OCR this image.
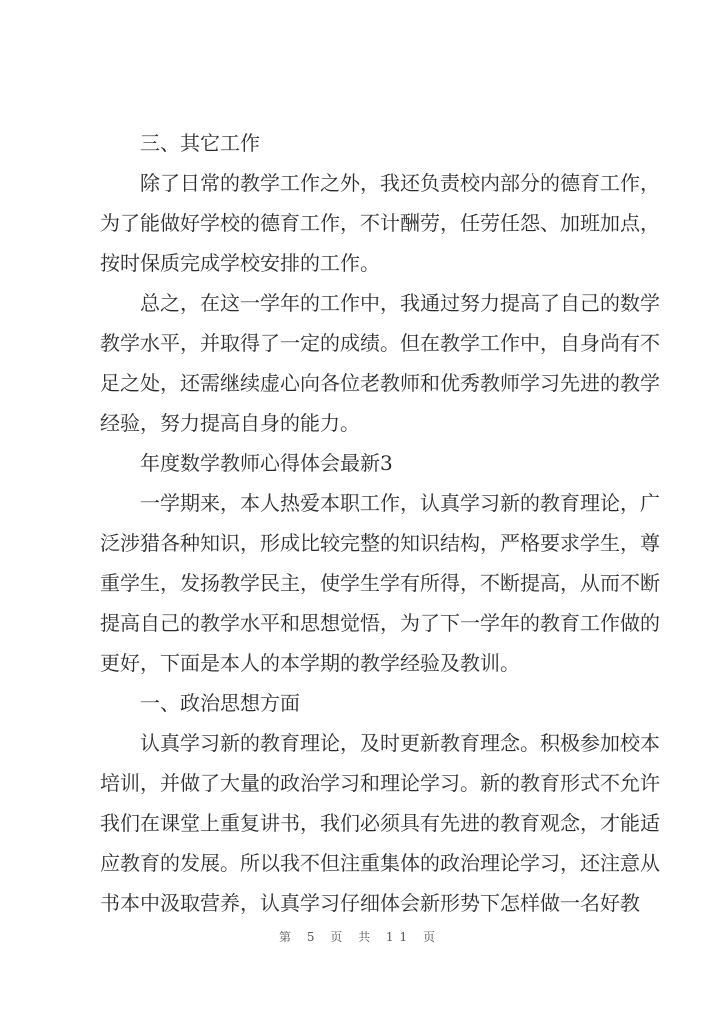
三、其它工作
除了日常的教学工作之外，我还负责校内部分的德育工作，
为了能做好学校的德育工作，不计酬劳，任劳任怨、加班加点，
按时保质完成学校安排的工作。
总之，在这一学年的工作中，我通过努力提高了自己的数学
教学水平，并取得了一定的成绩。但在教学工作中，自身尚有不
足之处，还需继续虚心向各位老教师和优秀教师学习先进的教学
经验，努力提高自身的能力。
年度数学教师心得体会最新3
一学期来，本人热爱本职工作，认真学习新的教育理论，广
泛涉猎各种知识，形成比较完整的知识结构，严格要求学生，尊
重学生，发扬教学民主，使学生学有所得，不断提高，从而不断
提高自己的教学水平和思想觉悟，为了下一学年的教育工作做的
更好，下面是本人的本学期的教学经验及教训。
一、政治思想方面
认真学习新的教育理论，及时更新教育理念。积极参加校本
培训，并做了大量的政治学习和理论学习。新的教育形式不允许
我们在课堂上重复讲书，我们必须具有先进的教育观念，才能适
应教育的发展。所以我不但注重集体的政治理论学习，还注意从
书本中汲取营养，认真学习仔细体会新形势下怎样做一名好教
第 5 页 共 11 页
